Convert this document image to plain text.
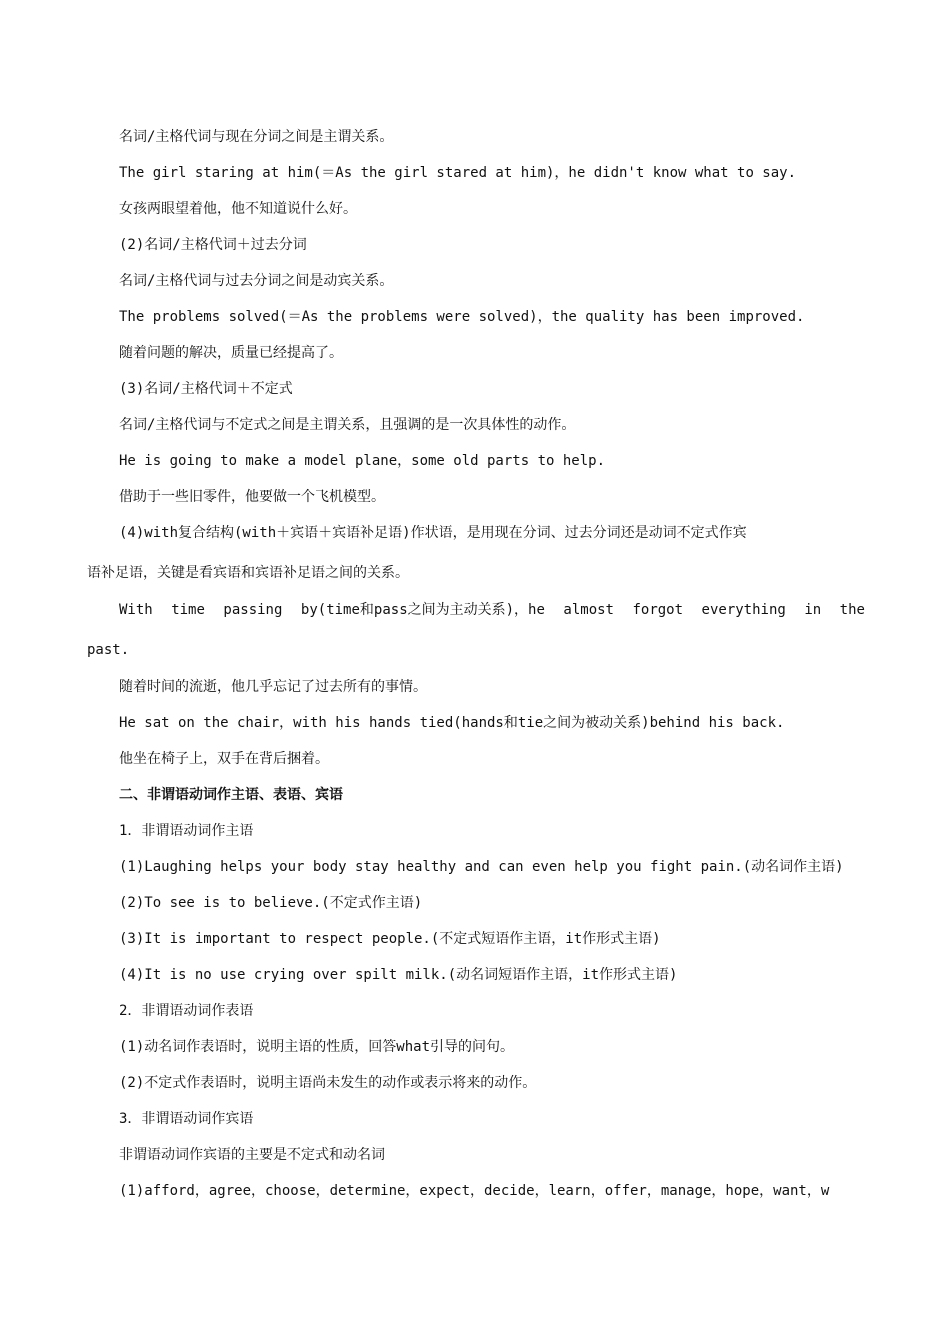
名词/主格代词与现在分词之间是主谓关系。
The girl staring at him(＝As the girl stared at him)，he didn't know what to say.
女孩两眼望着他，他不知道说什么好。
(2)名词/主格代词＋过去分词
名词/主格代词与过去分词之间是动宾关系。
The problems solved(＝As the problems were solved)，the quality has been improved.
随着问题的解决，质量已经提高了。
(3)名词/主格代词＋不定式
名词/主格代词与不定式之间是主谓关系，且强调的是一次具体性的动作。
He is going to make a model plane，some old parts to help.
借助于一些旧零件，他要做一个飞机模型。
(4)with复合结构(with＋宾语＋宾语补足语)作状语，是用现在分词、过去分词还是动词不定式作宾
语补足语，关键是看宾语和宾语补足语之间的关系。
With time passing by(time和pass之间为主动关系)，he almost forgot everything in the
past.
随着时间的流逝，他几乎忘记了过去所有的事情。
He sat on the chair，with his hands tied(hands和tie之间为被动关系)behind his back.
他坐在椅子上，双手在背后捆着。
二、非谓语动词作主语、表语、宾语
1．非谓语动词作主语
(1)Laughing helps your body stay healthy and can even help you fight pain.(动名词作主语)
(2)To see is to believe.(不定式作主语)
(3)It is important to respect people.(不定式短语作主语，it作形式主语)
(4)It is no use crying over spilt milk.(动名词短语作主语，it作形式主语)
2．非谓语动词作表语
(1)动名词作表语时，说明主语的性质，回答what引导的问句。
(2)不定式作表语时，说明主语尚未发生的动作或表示将来的动作。
3．非谓语动词作宾语
非谓语动词作宾语的主要是不定式和动名词
(1)afford，agree，choose，determine，expect，decide，learn，offer，manage，hope，want，w
